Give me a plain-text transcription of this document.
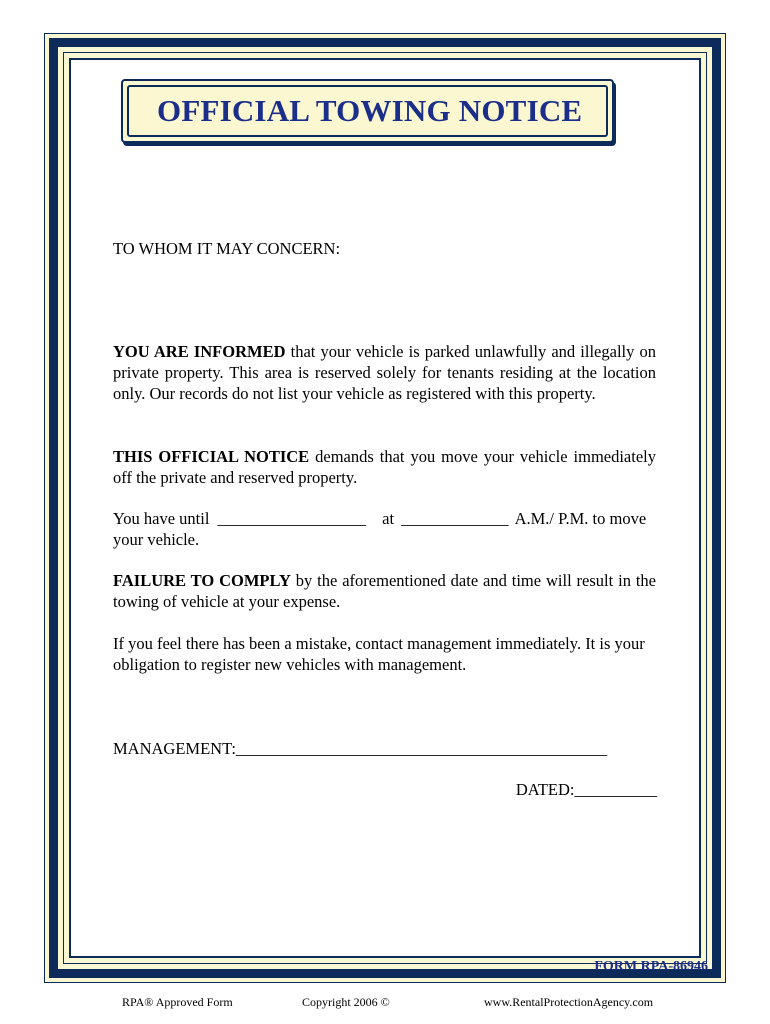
OFFICIAL TOWING NOTICE
TO WHOM IT MAY CONCERN:
YOU ARE INFORMED that your vehicle is parked unlawfully and illegally on private property. This area is reserved solely for tenants residing at the location only. Our records do not list your vehicle as registered with this property.
THIS OFFICIAL NOTICE demands that you move your vehicle immediately off the private and reserved property.
You have until __________________ at _____________ A.M./ P.M. to move your vehicle.
FAILURE TO COMPLY by the aforementioned date and time will result in the towing of vehicle at your expense.
If you feel there has been a mistake, contact management immediately. It is your obligation to register new vehicles with management.
MANAGEMENT:_____________________________________________
DATED:__________
FORM RPA-86946
RPA® Approved Form	Copyright 2006 ©	www.RentalProtectionAgency.com
